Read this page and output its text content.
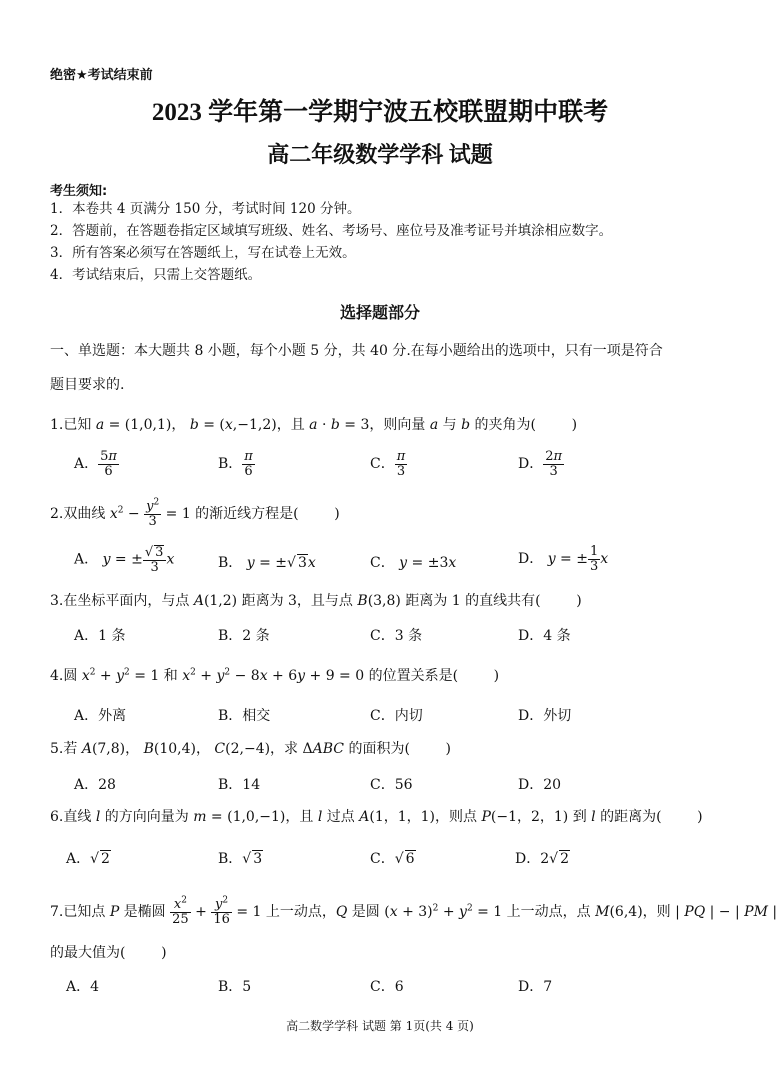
绝密★考试结束前
2023 学年第一学期宁波五校联盟期中联考
高二年级数学学科 试题
考生须知:
1．本卷共 4 页满分 150 分，考试时间 120 分钟。
2．答题前，在答题卷指定区域填写班级、姓名、考场号、座位号及准考证号并填涂相应数字。
3．所有答案必须写在答题纸上，写在试卷上无效。
4．考试结束后，只需上交答题纸。
选择题部分
一、单选题：本大题共 8 小题，每个小题 5 分，共 40 分.在每小题给出的选项中，只有一项是符合
题目要求的.
1.已知 a = (1,0,1)， b = (x,−1,2)，且 a · b = 3，则向量 a 与 b 的夹角为(        )
A． $\frac{5\pi}{6}$	B． $\frac{\pi}{6}$	C． $\frac{\pi}{3}$	D． $\frac{2\pi}{3}$
2.双曲线 $x^2 - \frac{y^2}{3} = 1$ 的渐近线方程是(        )
A． y = ± $\frac{√ 3}{3}$ x	B． y = ±√ 3x	C． y = ±3x	D． y = ± $\frac{1}{3}$ x
3.在坐标平面内，与点 A(1,2) 距离为 3，且与点 B(3,8) 距离为 1 的直线共有(        )
A．1 条	B．2 条	C．3 条	D．4 条
4.圆 $x^2 + y^2 = 1$ 和 $x^2 + y^2 - 8x + 6y + 9 = 0$ 的位置关系是(        )
A．外离	B．相交	C．内切	D．外切
5.若 A(7,8)， B(10,4)， C(2,−4)，求 ΔABC 的面积为(        )
A．28	B．14	C．56	D．20
6.直线 l 的方向向量为 m = (1,0,−1)，且 l 过点 A(1，1，1)，则点 P(−1，2，1) 到 l 的距离为(        )
A．√ 2	B．√ 3	C．√ 6	D．2√ 2
7.已知点 P 是椭圆 $\frac{x^2}{25} + \frac{y^2}{16} = 1$ 上一动点，Q 是圆 $(x + 3)^2 + y^2 = 1$ 上一动点，点 M(6,4)，则 | PQ | − | PM |
的最大值为(        )
A．4	B．5	C．6	D．7
高二数学学科 试题 第 1页(共 4 页)
